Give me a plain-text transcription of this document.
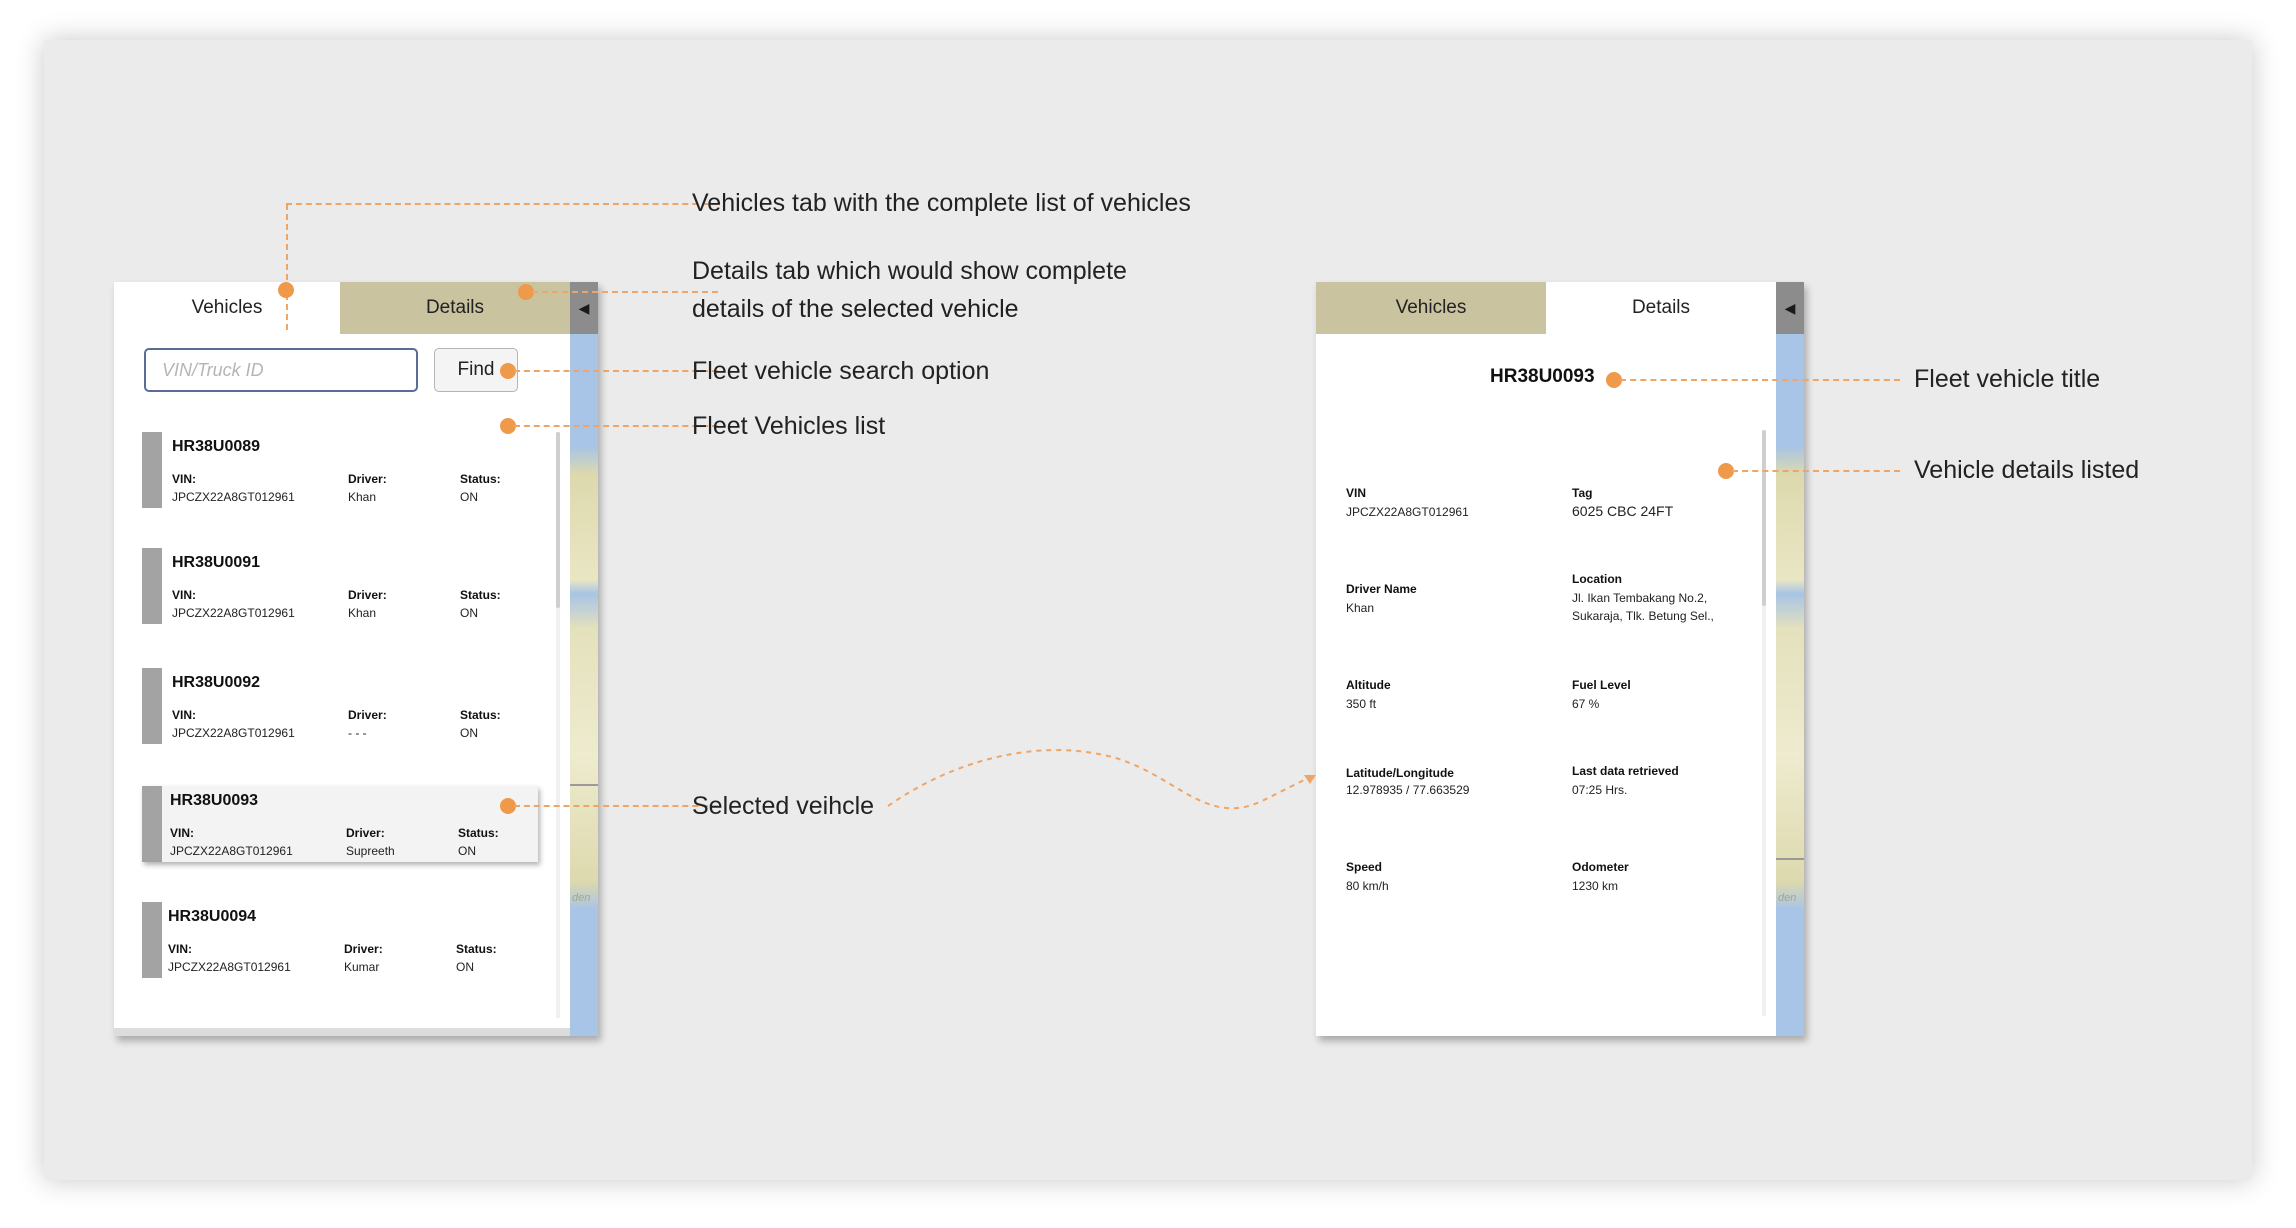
Vehicles	Details	◀
den
VIN/Truck ID
Find
HR38U0089
VIN:
JPCZX22A8GT012961
Driver:
Khan
Status:
ON
HR38U0091
VIN:
JPCZX22A8GT012961
Driver:
Khan
Status:
ON
HR38U0092
VIN:
JPCZX22A8GT012961
Driver:
- - -
Status:
ON
HR38U0093
VIN:
JPCZX22A8GT012961
Driver:
Supreeth
Status:
ON
HR38U0094
VIN:
JPCZX22A8GT012961
Driver:
Kumar
Status:
ON
Vehicles	Details	◀
den
HR38U0093
VIN
JPCZX22A8GT012961
Tag
6025 CBC 24FT
Driver Name
Khan
Location
Jl. Ikan Tembakang No.2,
Sukaraja, Tlk. Betung Sel.,
Altitude
350 ft
Fuel Level
67 %
Latitude/Longitude
12.978935 / 77.663529
Last data retrieved
07:25 Hrs.
Speed
80 km/h
Odometer
1230 km
Vehicles tab with the complete list of vehicles
Details tab which would show complete details of the selected vehicle
Fleet vehicle search option
Fleet Vehicles list
Selected veihcle
Fleet vehicle title
Vehicle details listed
